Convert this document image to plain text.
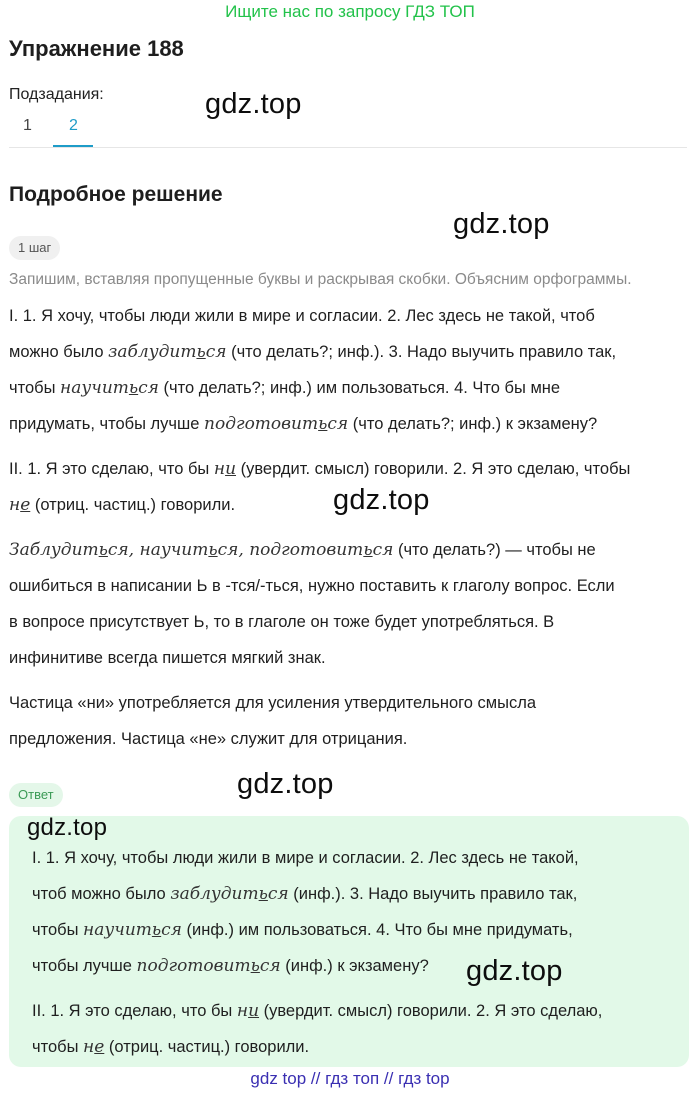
Ищите нас по запросу ГДЗ ТОП
Упражнение 188
Подзадания:
1 2
Подробное решение
1 шаг
Запишим, вставляя пропущенные буквы и раскрывая скобки. Объясним орфограммы.

I. 1. Я хочу, чтобы люди жили в мире и согласии. 2. Лес здесь не такой, чтоб

можно было заблудиться (что делать?; инф.). 3. Надо выучить правило так,

чтобы научиться (что делать?; инф.) им пользоваться. 4. Что бы мне

придумать, чтобы лучше подготовиться (что делать?; инф.) к экзамену?

II. 1. Я это сделаю, что бы ни (увердит. смысл) говорили. 2. Я это сделаю, чтобы

не (отриц. частиц.) говорили.

Заблудиться, научиться, подготовиться (что делать?) — чтобы не

ошибиться в написании Ь в -тся/-ться, нужно поставить к глаголу вопрос. Если

в вопросе присутствует Ь, то в глаголе он тоже будет употребляться. В

инфинитиве всегда пишется мягкий знак.

Частица «ни» употребляется для усиления утвердительного смысла

предложения. Частица «не» служит для отрицания.

Ответ

I. 1. Я хочу, чтобы люди жили в мире и согласии. 2. Лес здесь не такой,

чтоб можно было заблудиться (инф.). 3. Надо выучить правило так,

чтобы научиться (инф.) им пользоваться. 4. Что бы мне придумать,

чтобы лучше подготовиться (инф.) к экзамену?

II. 1. Я это сделаю, что бы ни (увердит. смысл) говорили. 2. Я это сделаю,

чтобы не (отриц. частиц.) говорили.

gdz.top
gdz.top
gdz.top
gdz.top
gdz.top
gdz.top
gdz top // гдз топ // гдз top
